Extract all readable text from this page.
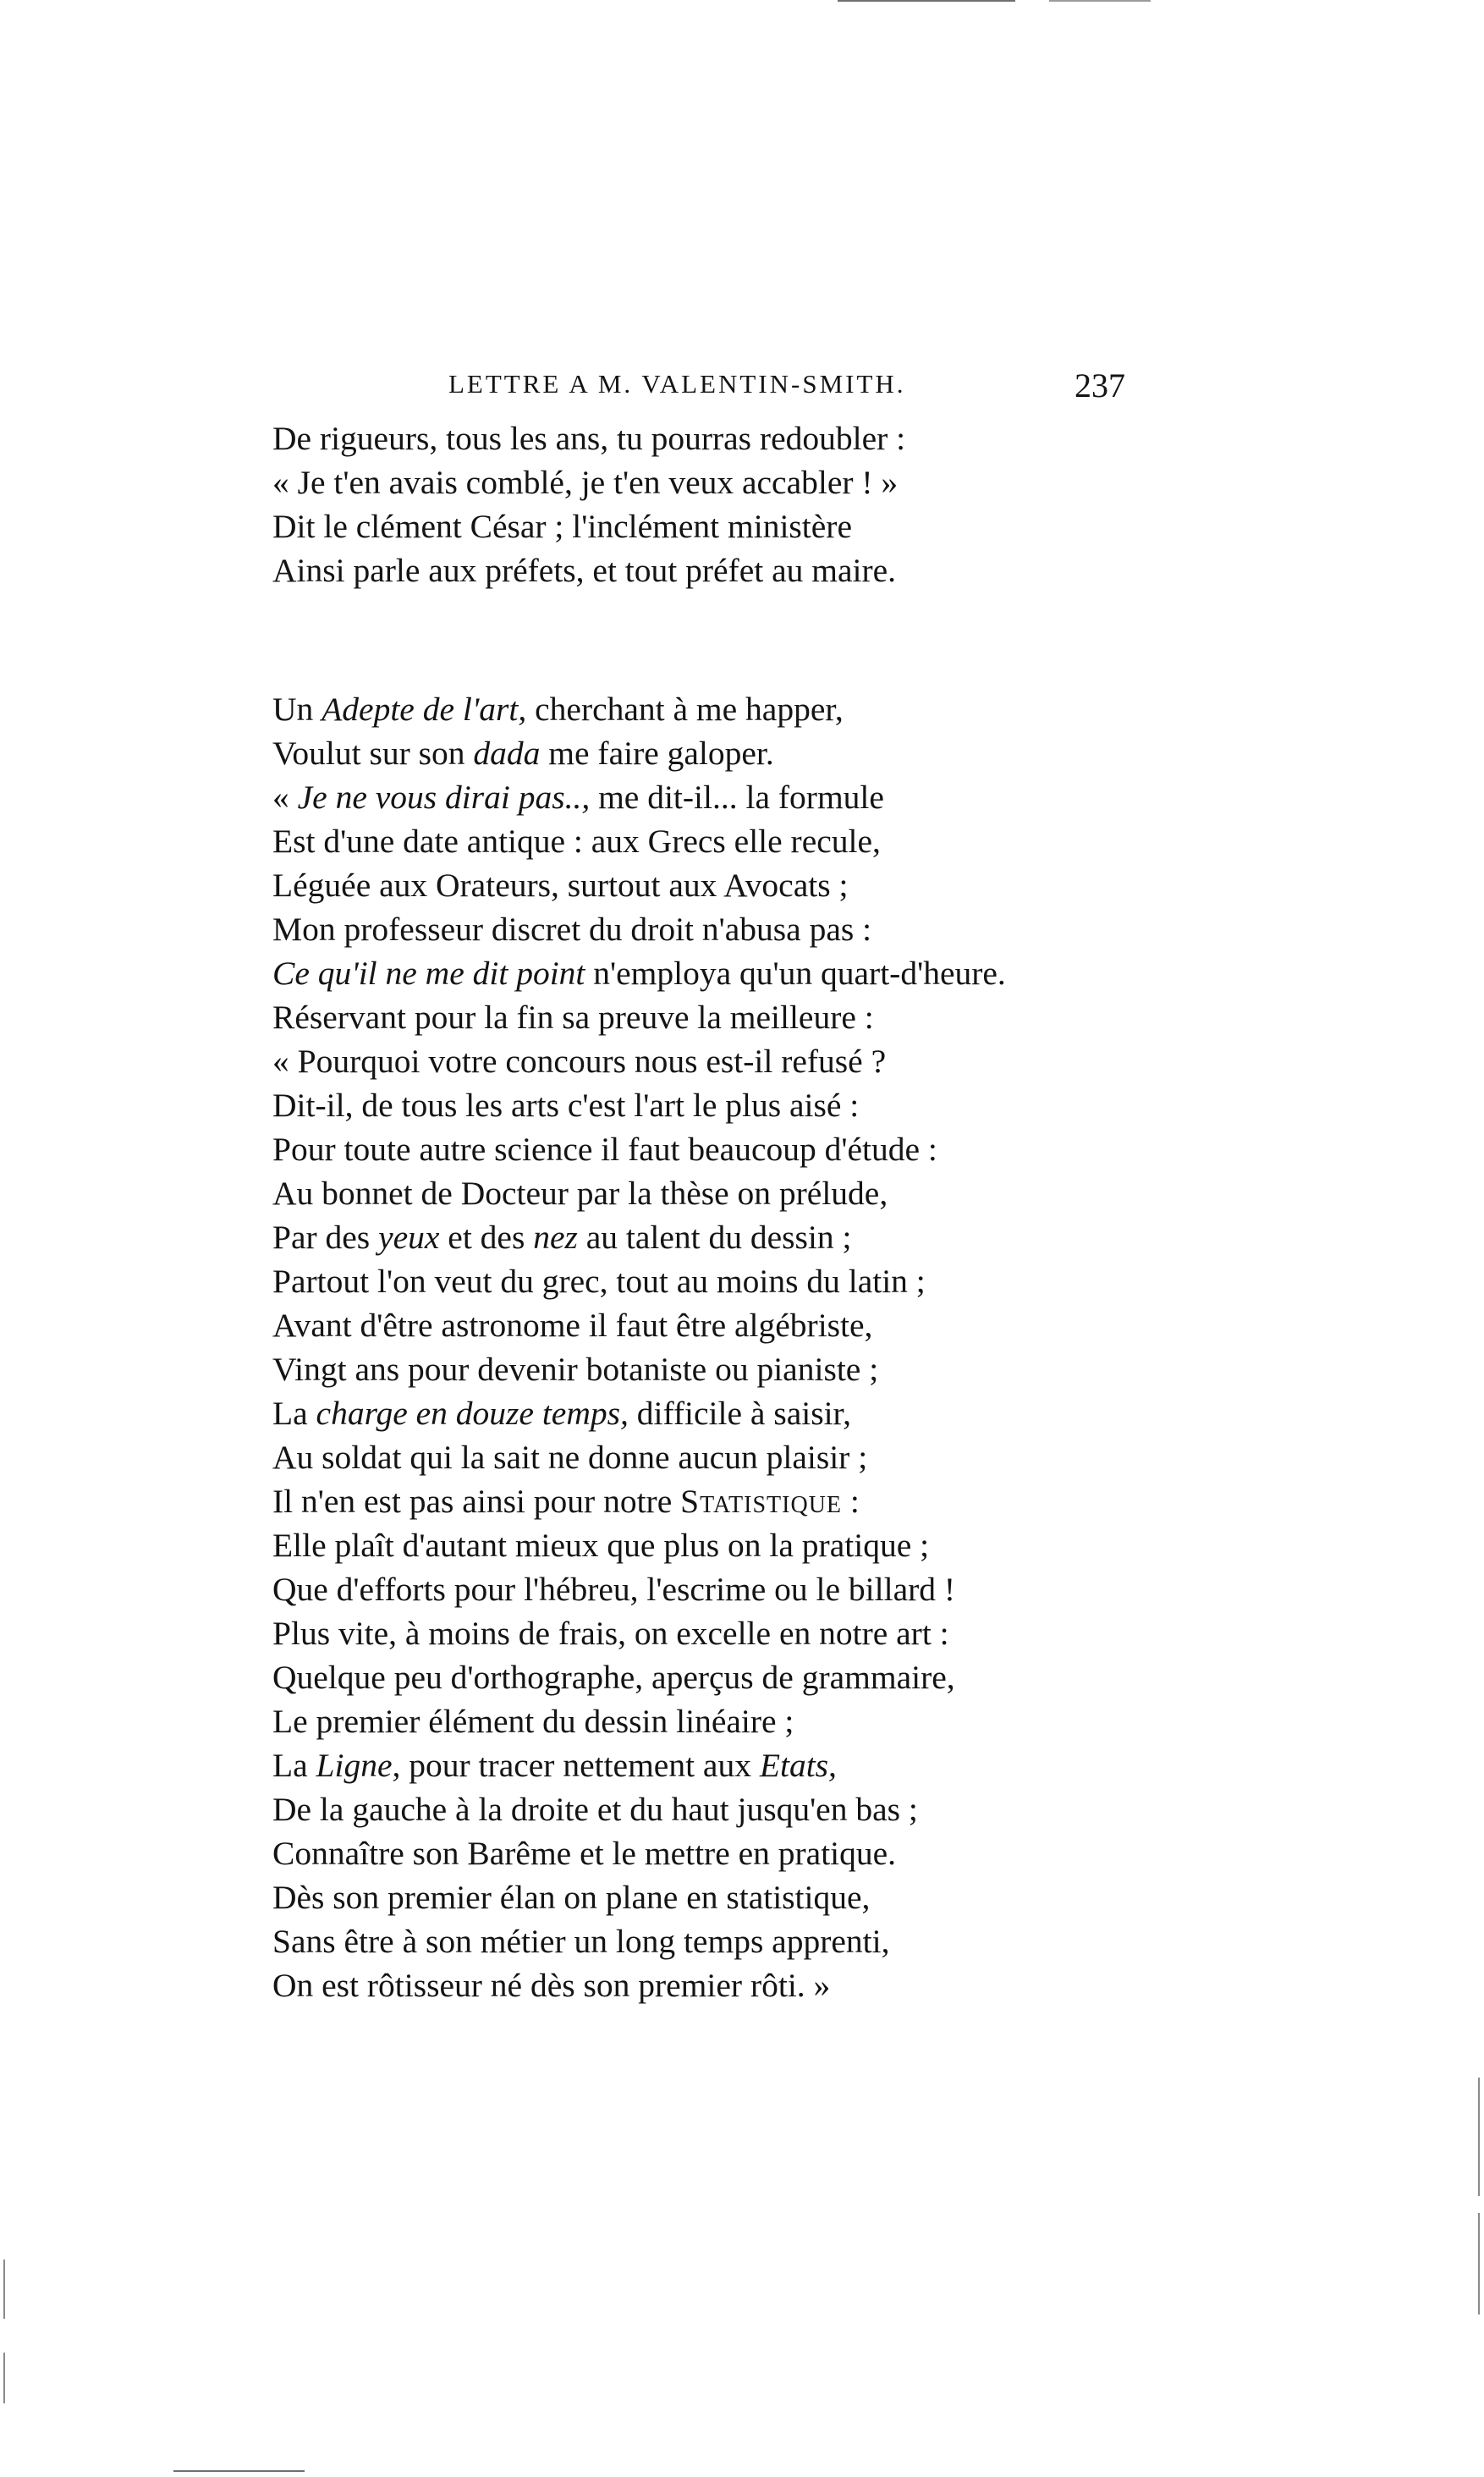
LETTRE A M. VALENTIN-SMITH.	237
De rigueurs, tous les ans, tu pourras redoubler :
« Je t'en avais comblé, je t'en veux accabler ! »
Dit le clément César ; l'inclément ministère
Ainsi parle aux préfets, et tout préfet au maire.
Un Adepte de l'art, cherchant à me happer,
Voulut sur son dada me faire galoper.
« Je ne vous dirai pas.., me dit-il... la formule
Est d'une date antique : aux Grecs elle recule,
Léguée aux Orateurs, surtout aux Avocats ;
Mon professeur discret du droit n'abusa pas :
Ce qu'il ne me dit point n'employa qu'un quart-d'heure.
Réservant pour la fin sa preuve la meilleure :
« Pourquoi votre concours nous est-il refusé ?
Dit-il, de tous les arts c'est l'art le plus aisé :
Pour toute autre science il faut beaucoup d'étude :
Au bonnet de Docteur par la thèse on prélude,
Par des yeux et des nez au talent du dessin ;
Partout l'on veut du grec, tout au moins du latin ;
Avant d'être astronome il faut être algébriste,
Vingt ans pour devenir botaniste ou pianiste ;
La charge en douze temps, difficile à saisir,
Au soldat qui la sait ne donne aucun plaisir ;
Il n'en est pas ainsi pour notre Statistique :
Elle plaît d'autant mieux que plus on la pratique ;
Que d'efforts pour l'hébreu, l'escrime ou le billard !
Plus vite, à moins de frais, on excelle en notre art :
Quelque peu d'orthographe, aperçus de grammaire,
Le premier élément du dessin linéaire ;
La Ligne, pour tracer nettement aux Etats,
De la gauche à la droite et du haut jusqu'en bas ;
Connaître son Barême et le mettre en pratique.
Dès son premier élan on plane en statistique,
Sans être à son métier un long temps apprenti,
On est rôtisseur né dès son premier rôti. »
